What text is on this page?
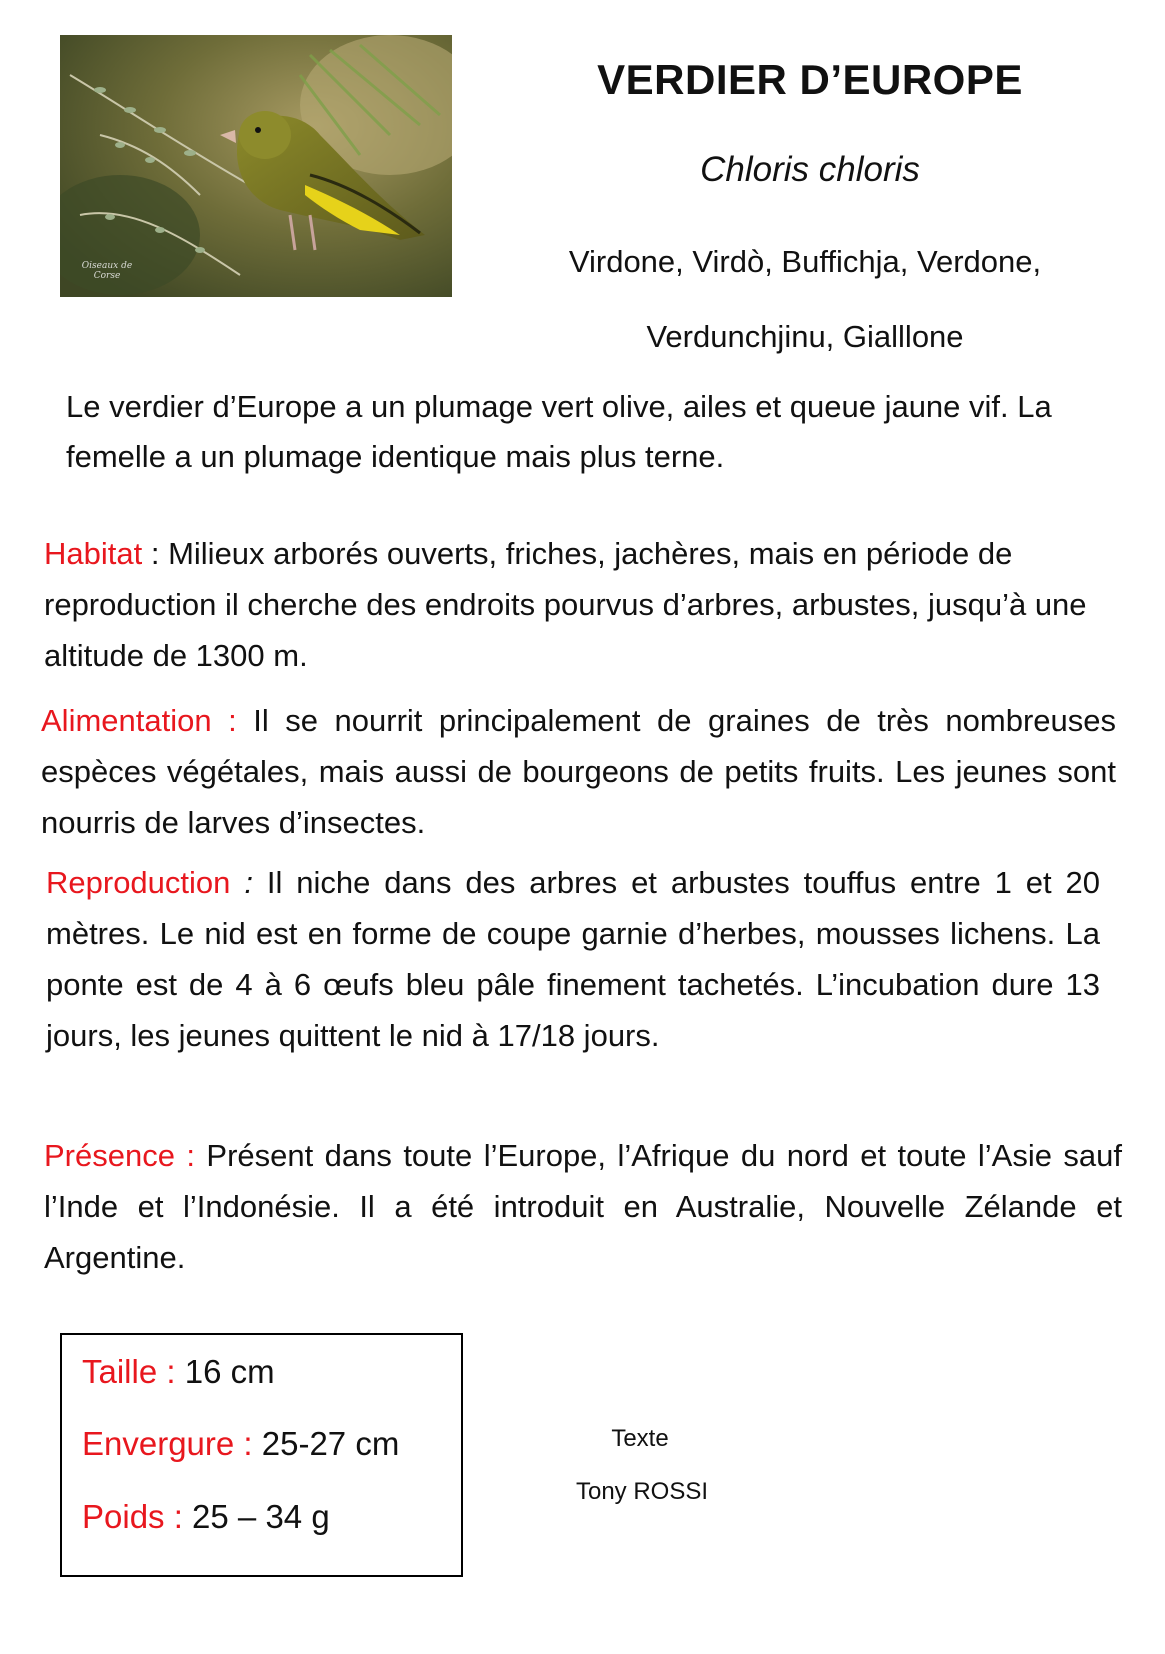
Oiseaux de Corse
VERDIER D’EUROPE
Chloris chloris
Virdone, Virdò, Buffichja, Verdone,
Verdunchjinu, Gialllone
Le verdier d’Europe a un plumage vert olive, ailes et queue jaune vif. La femelle a un plumage identique mais plus terne.
Habitat : Milieux arborés ouverts, friches, jachères, mais en période de reproduction il cherche des endroits pourvus d’arbres, arbustes, jusqu’à une altitude de 1300 m.
Alimentation : Il se nourrit principalement de graines de très nombreuses espèces végétales, mais aussi de bourgeons de petits fruits. Les jeunes sont nourris de larves d’insectes.
Reproduction : Il niche dans des arbres et arbustes touffus entre 1 et 20 mètres. Le nid est en forme de coupe garnie d’herbes, mousses lichens. La ponte est de 4 à 6 œufs bleu pâle finement tachetés. L’incubation dure 13 jours, les jeunes quittent le nid à 17/18 jours.
Présence : Présent dans toute l’Europe, l’Afrique du nord et toute l’Asie sauf l’Inde et l’Indonésie. Il a été introduit en Australie, Nouvelle Zélande et Argentine.
Taille : 16 cm
Envergure : 25-27 cm
Poids : 25 – 34 g
Texte
Tony ROSSI
